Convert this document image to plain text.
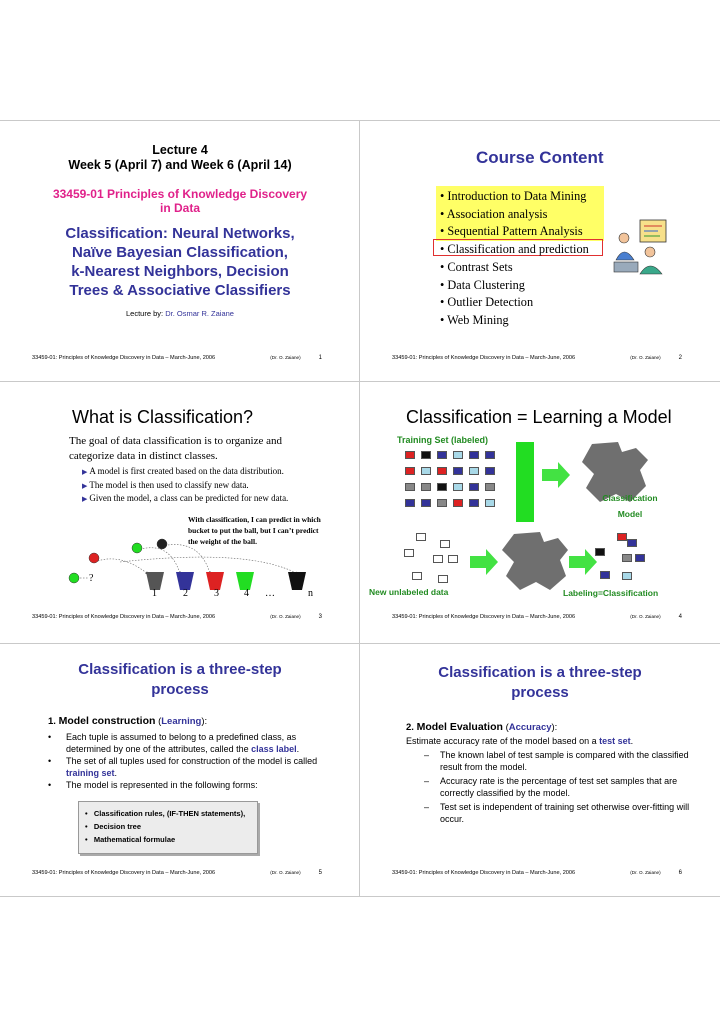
Lecture 4
Week 5 (April 7) and Week 6 (April 14)
33459-01 Principles of Knowledge Discovery
in Data
Classification: Neural Networks,
Naïve Bayesian Classification,
k-Nearest Neighbors, Decision
Trees & Associative Classifiers
Lecture by: Dr. Osmar R. Zaiane
33459-01: Principles of Knowledge Discovery in Data – March-June, 2006	(Dr. O. Zaiane)	1
Course Content
• Introduction to Data Mining
• Association analysis
• Sequential Pattern Analysis
• Classification and prediction
• Contrast Sets
• Data Clustering
• Outlier Detection
• Web Mining
33459-01: Principles of Knowledge Discovery in Data – March-June, 2006	(Dr. O. Zaiane)	2
What is Classification?
The goal of data classification is to organize and categorize data in distinct classes.
▶ A model is first created based on the data distribution.
▶ The model is then used to classify new data.
▶ Given the model, a class can be predicted for new data.
With classification, I can predict in which bucket to put the ball, but I can’t predict the weight of the ball.
?
1	2	3	4 …	n
33459-01: Principles of Knowledge Discovery in Data – March-June, 2006	(Dr. O. Zaiane)	3
Classification = Learning a Model
Training Set (labeled)
Classification
Model
New unlabeled data	Labeling=Classification
33459-01: Principles of Knowledge Discovery in Data – March-June, 2006	(Dr. O. Zaiane)	4
Classification is a three-step
process
1. Model construction (Learning):
• Each tuple is assumed to belong to a predefined class, as determined by one of the attributes, called the class label.
• The set of all tuples used for construction of the model is called training set.
• The model is represented in the following forms:
•   Classification rules, (IF-THEN statements),
•   Decision tree
•   Mathematical formulae
33459-01: Principles of Knowledge Discovery in Data – March-June, 2006	(Dr. O. Zaiane)	5
Classification is a three-step
process
2. Model Evaluation (Accuracy):
Estimate accuracy rate of the model based on a test set.
– The known label of test sample is compared with the classified result from the model.
– Accuracy rate is the percentage of test set samples that are correctly classified by the model.
– Test set is independent of training set otherwise over-fitting will occur.
33459-01: Principles of Knowledge Discovery in Data – March-June, 2006	(Dr. O. Zaiane)	6
